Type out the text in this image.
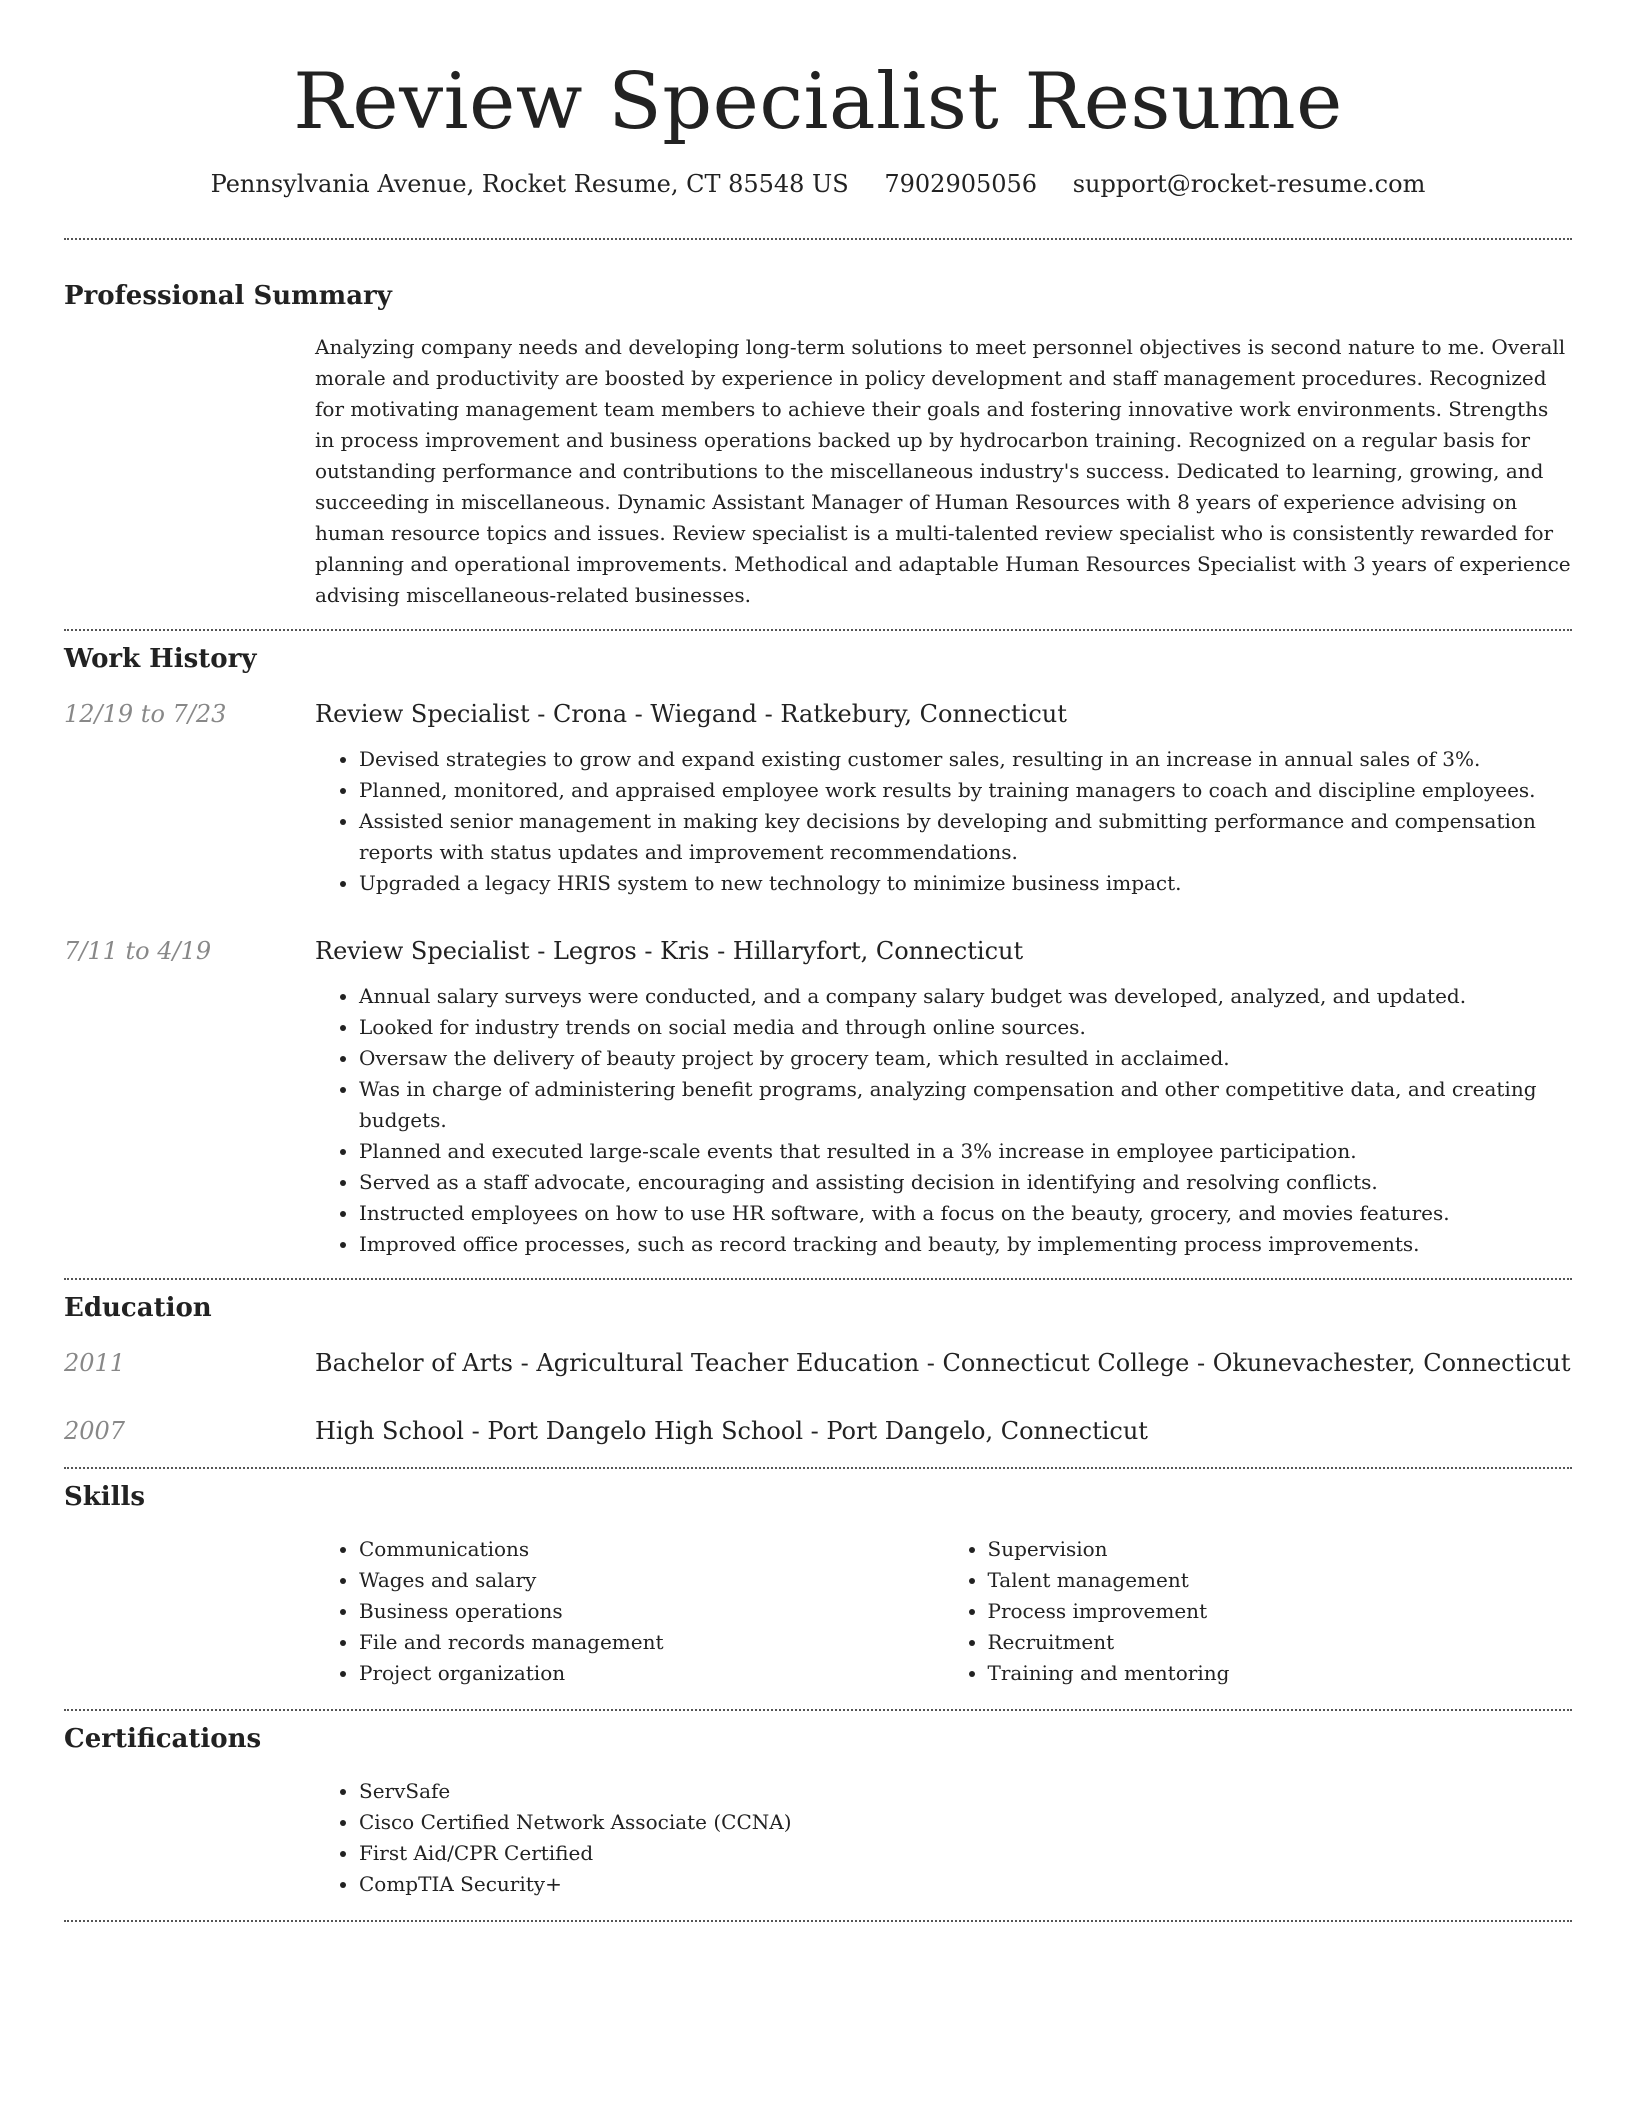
Review Specialist Resume
Pennsylvania Avenue, Rocket Resume, CT 85548 US 7902905056 support@rocket-resume.com
Professional Summary

Analyzing company needs and developing long-term solutions to meet personnel objectives is second nature to me. Overall morale and productivity are boosted by experience in policy development and staff management procedures. Recognized for motivating management team members to achieve their goals and fostering innovative work environments. Strengths in process improvement and business operations backed up by hydrocarbon training. Recognized on a regular basis for outstanding performance and contributions to the miscellaneous industry's success. Dedicated to learning, growing, and succeeding in miscellaneous. Dynamic Assistant Manager of Human Resources with 8 years of experience advising on human resource topics and issues. Review specialist is a multi-talented review specialist who is consistently rewarded for planning and operational improvements. Methodical and adaptable Human Resources Specialist with 3 years of experience advising miscellaneous-related businesses.

Work History
12/19 to 7/23	Review Specialist - Crona - Wiegand - Ratkebury, Connecticut
• Devised strategies to grow and expand existing customer sales, resulting in an increase in annual sales of 3%.
• Planned, monitored, and appraised employee work results by training managers to coach and discipline employees.
• Assisted senior management in making key decisions by developing and submitting performance and compensation reports with status updates and improvement recommendations.
• Upgraded a legacy HRIS system to new technology to minimize business impact.
7/11 to 4/19	Review Specialist - Legros - Kris - Hillaryfort, Connecticut
• Annual salary surveys were conducted, and a company salary budget was developed, analyzed, and updated.
• Looked for industry trends on social media and through online sources.
• Oversaw the delivery of beauty project by grocery team, which resulted in acclaimed.
• Was in charge of administering benefit programs, analyzing compensation and other competitive data, and creating budgets.
• Planned and executed large-scale events that resulted in a 3% increase in employee participation.
• Served as a staff advocate, encouraging and assisting decision in identifying and resolving conflicts.
• Instructed employees on how to use HR software, with a focus on the beauty, grocery, and movies features.
• Improved office processes, such as record tracking and beauty, by implementing process improvements.
Education
2011	Bachelor of Arts - Agricultural Teacher Education - Connecticut College - Okunevachester, Connecticut
2007	High School - Port Dangelo High School - Port Dangelo, Connecticut
Skills
• Communications
• Wages and salary
• Business operations
• File and records management
• Project organization
• Supervision
• Talent management
• Process improvement
• Recruitment
• Training and mentoring
Certifications
• ServSafe
• Cisco Certified Network Associate (CCNA)
• First Aid/CPR Certified
• CompTIA Security+
